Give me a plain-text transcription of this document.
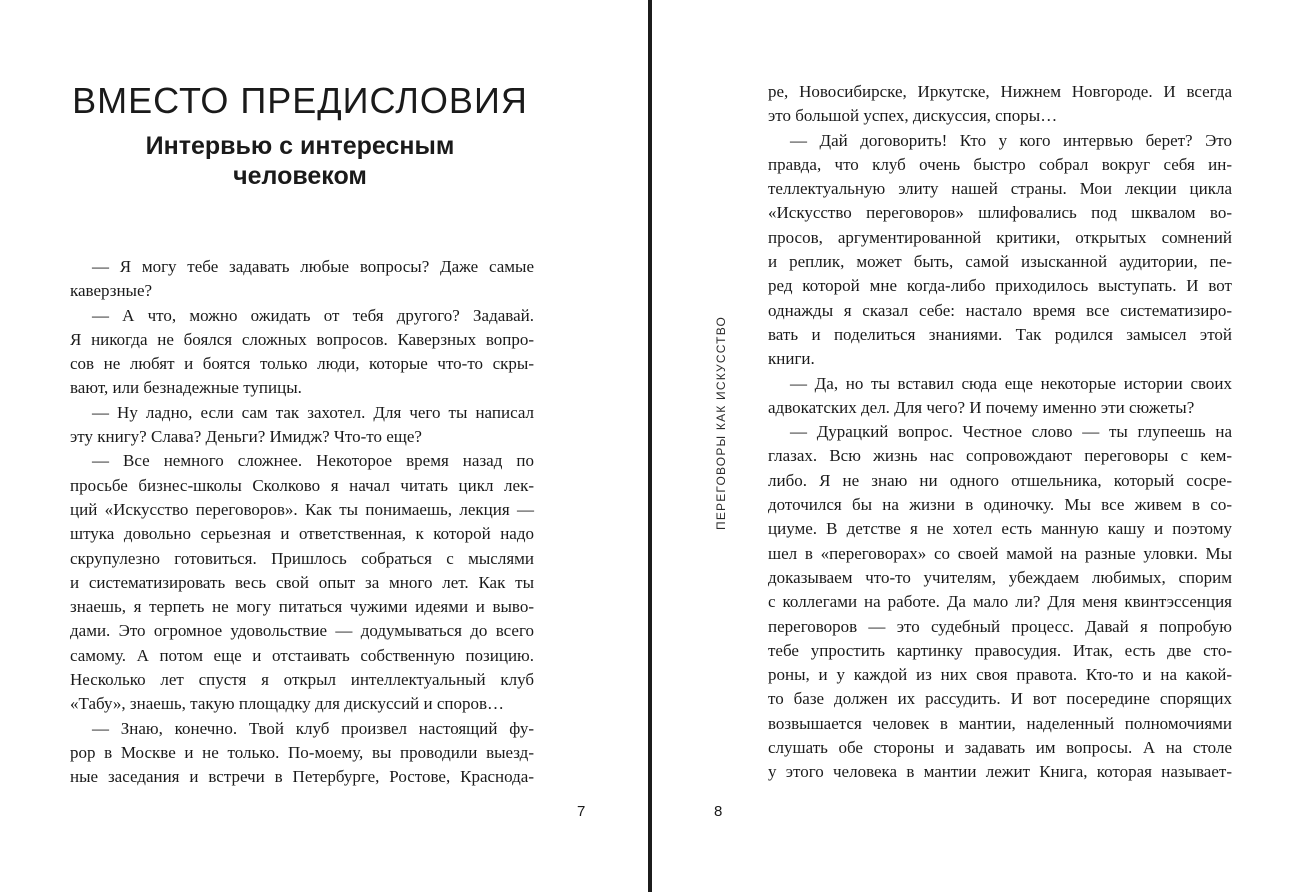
ВМЕСТО ПРЕДИСЛОВИЯ
Интервью с интересным
человеком
— Я могу тебе задавать любые вопросы? Даже самые
каверзные?
— А что, можно ожидать от тебя другого? Задавай.
Я никогда не боялся сложных вопросов. Каверзных вопро-
сов не любят и боятся только люди, которые что-то скры-
вают, или безнадежные тупицы.
— Ну ладно, если сам так захотел. Для чего ты написал
эту книгу? Слава? Деньги? Имидж? Что-то еще?
— Все немного сложнее. Некоторое время назад по
просьбе бизнес-школы Сколково я начал читать цикл лек-
ций «Искусство переговоров». Как ты понимаешь, лекция —
штука довольно серьезная и ответственная, к которой надо
скрупулезно готовиться. Пришлось собраться с мыслями
и систематизировать весь свой опыт за много лет. Как ты
знаешь, я терпеть не могу питаться чужими идеями и выво-
дами. Это огромное удовольствие — додумываться до всего
самому. А потом еще и отстаивать собственную позицию.
Несколько лет спустя я открыл интеллектуальный клуб
«Табу», знаешь, такую площадку для дискуссий и споров…
— Знаю, конечно. Твой клуб произвел настоящий фу-
рор в Москве и не только. По-моему, вы проводили выезд-
ные заседания и встречи в Петербурге, Ростове, Краснода-
7
ПЕРЕГОВОРЫ КАК ИСКУССТВО
ре, Новосибирске, Иркутске, Нижнем Новгороде. И всегда
это большой успех, дискуссия, споры…
— Дай договорить! Кто у кого интервью берет? Это
правда, что клуб очень быстро собрал вокруг себя ин-
теллектуальную элиту нашей страны. Мои лекции цикла
«Искусство переговоров» шлифовались под шквалом во-
просов, аргументированной критики, открытых сомнений
и реплик, может быть, самой изысканной аудитории, пе-
ред которой мне когда-либо приходилось выступать. И вот
однажды я сказал себе: настало время все систематизиро-
вать и поделиться знаниями. Так родился замысел этой
книги.
— Да, но ты вставил сюда еще некоторые истории своих
адвокатских дел. Для чего? И почему именно эти сюжеты?
— Дурацкий вопрос. Честное слово — ты глупеешь на
глазах. Всю жизнь нас сопровождают переговоры с кем-
либо. Я не знаю ни одного отшельника, который сосре-
доточился бы на жизни в одиночку. Мы все живем в со-
циуме. В детстве я не хотел есть манную кашу и поэтому
шел в «переговорах» со своей мамой на разные уловки. Мы
доказываем что-то учителям, убеждаем любимых, спорим
с коллегами на работе. Да мало ли? Для меня квинтэссенция
переговоров — это судебный процесс. Давай я попробую
тебе упростить картинку правосудия. Итак, есть две сто-
роны, и у каждой из них своя правота. Кто-то и на какой-
то базе должен их рассудить. И вот посередине спорящих
возвышается человек в мантии, наделенный полномочиями
слушать обе стороны и задавать им вопросы. А на столе
у этого человека в мантии лежит Книга, которая называет-
8
